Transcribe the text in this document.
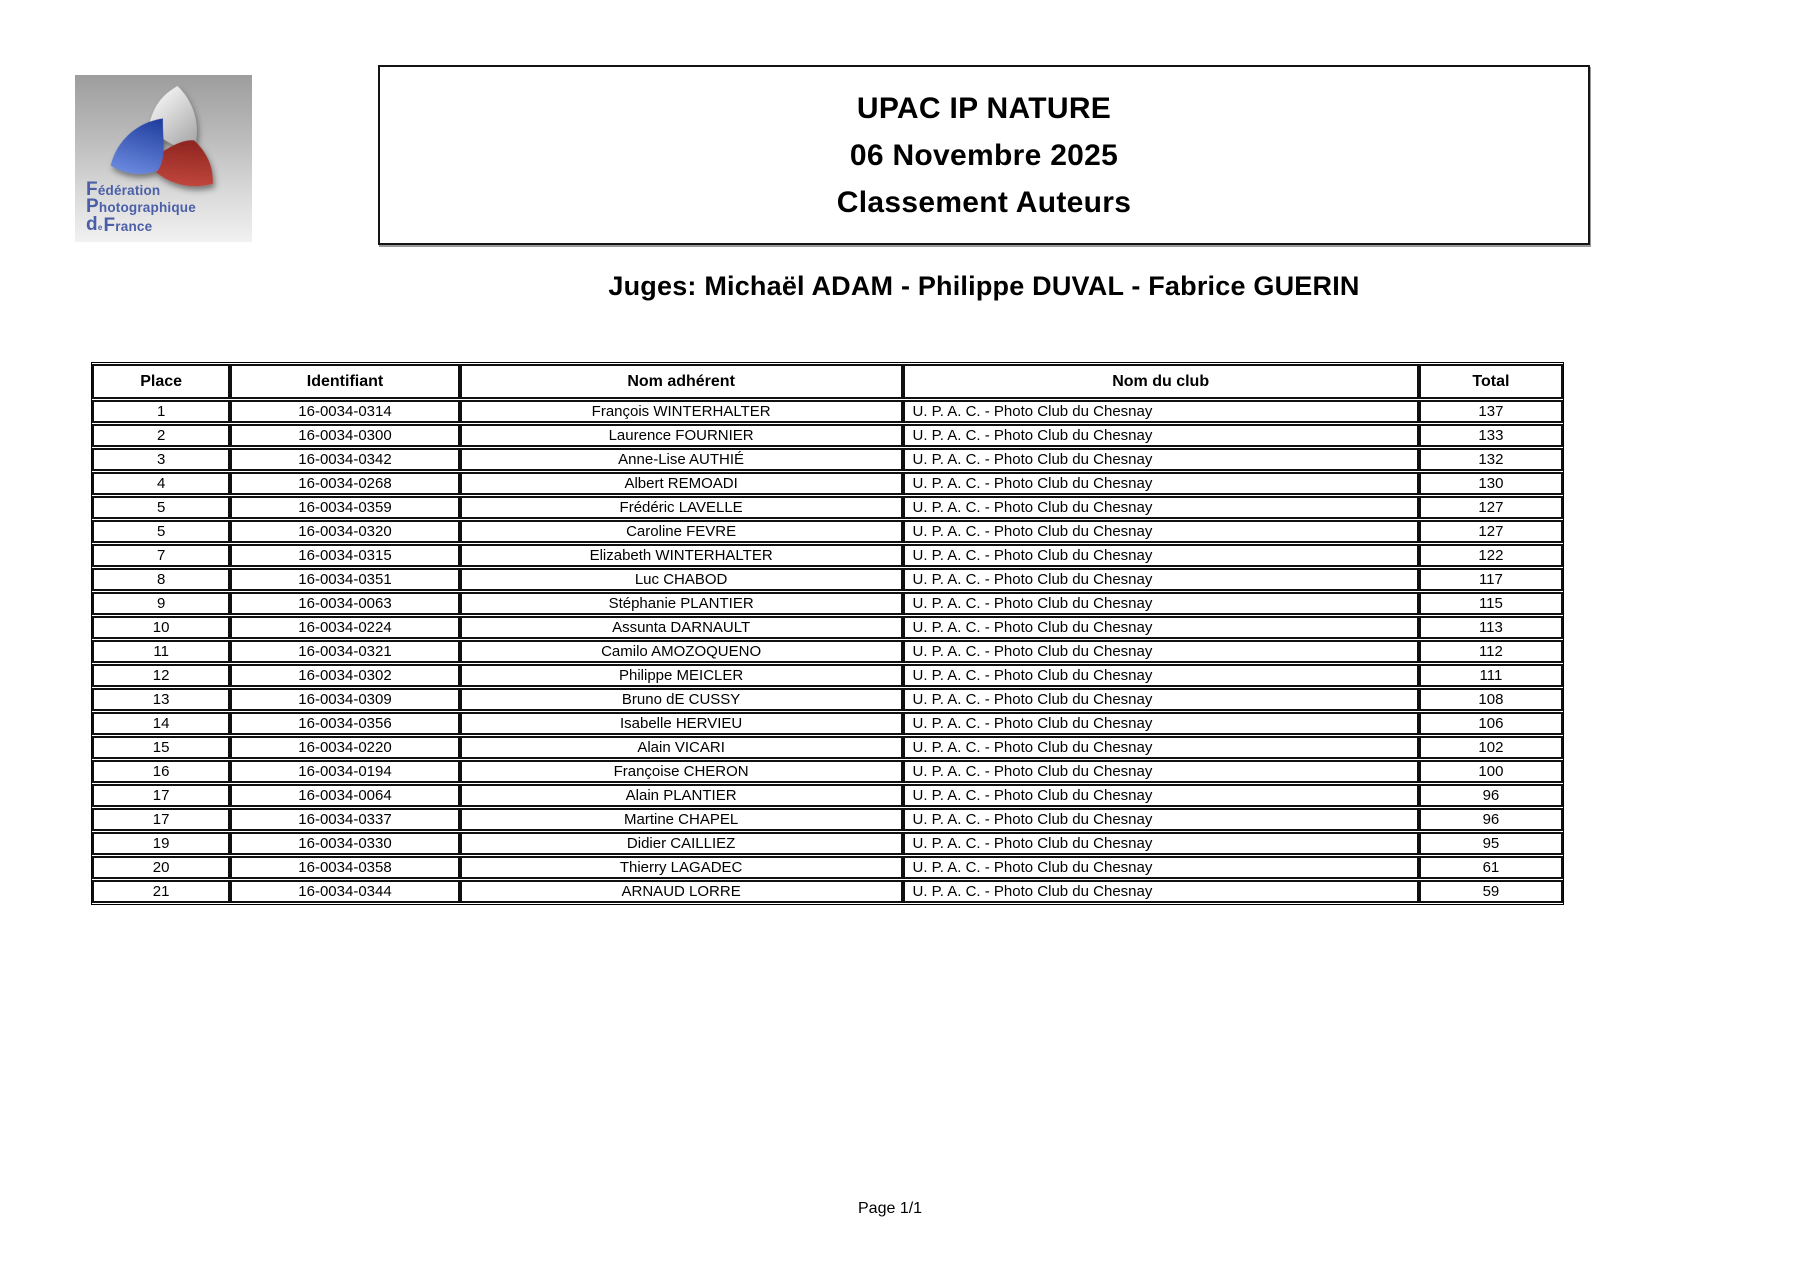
Fédération
Photographique
deFrance
UPAC IP NATURE
06 Novembre 2025
Classement Auteurs
Juges: Michaël ADAM - Philippe DUVAL - Fabrice GUERIN
Place	Identifiant	Nom adhérent	Nom du club	Total
1	16-0034-0314	François WINTERHALTER	U. P. A. C. - Photo Club du Chesnay	137
2	16-0034-0300	Laurence FOURNIER	U. P. A. C. - Photo Club du Chesnay	133
3	16-0034-0342	Anne-Lise AUTHIÉ	U. P. A. C. - Photo Club du Chesnay	132
4	16-0034-0268	Albert REMOADI	U. P. A. C. - Photo Club du Chesnay	130
5	16-0034-0359	Frédéric LAVELLE	U. P. A. C. - Photo Club du Chesnay	127
5	16-0034-0320	Caroline FEVRE	U. P. A. C. - Photo Club du Chesnay	127
7	16-0034-0315	Elizabeth WINTERHALTER	U. P. A. C. - Photo Club du Chesnay	122
8	16-0034-0351	Luc CHABOD	U. P. A. C. - Photo Club du Chesnay	117
9	16-0034-0063	Stéphanie PLANTIER	U. P. A. C. - Photo Club du Chesnay	115
10	16-0034-0224	Assunta DARNAULT	U. P. A. C. - Photo Club du Chesnay	113
11	16-0034-0321	Camilo AMOZOQUENO	U. P. A. C. - Photo Club du Chesnay	112
12	16-0034-0302	Philippe MEICLER	U. P. A. C. - Photo Club du Chesnay	111
13	16-0034-0309	Bruno dE CUSSY	U. P. A. C. - Photo Club du Chesnay	108
14	16-0034-0356	Isabelle HERVIEU	U. P. A. C. - Photo Club du Chesnay	106
15	16-0034-0220	Alain VICARI	U. P. A. C. - Photo Club du Chesnay	102
16	16-0034-0194	Françoise CHERON	U. P. A. C. - Photo Club du Chesnay	100
17	16-0034-0064	Alain PLANTIER	U. P. A. C. - Photo Club du Chesnay	96
17	16-0034-0337	Martine CHAPEL	U. P. A. C. - Photo Club du Chesnay	96
19	16-0034-0330	Didier CAILLIEZ	U. P. A. C. - Photo Club du Chesnay	95
20	16-0034-0358	Thierry LAGADEC	U. P. A. C. - Photo Club du Chesnay	61
21	16-0034-0344	ARNAUD LORRE	U. P. A. C. - Photo Club du Chesnay	59
Page 1/1
